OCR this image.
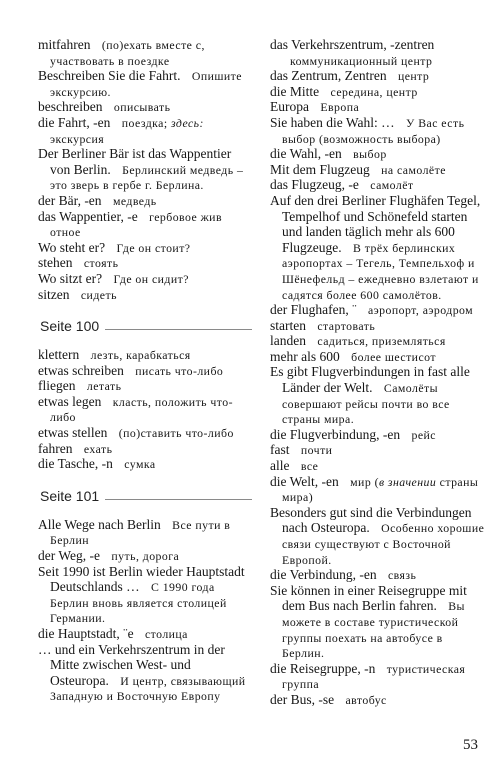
mitfahren (по)ехать вместе с, участвовать в поездке

Beschreiben Sie die Fahrt. Опишите экскурсию.

beschreiben описывать

die Fahrt, -en поездка; здесь: экскурсия

Der Berliner Bär ist das Wappentier von Berlin. Берлинский медведь – это зверь в гербе г. Берлина.

der Bär, -en медведь

das Wappentier, -e гербовое жив отное

Wo steht er? Где он стоит?

stehen стоять

Wo sitzt er? Где он сидит?

sitzen сидеть

Seite 100

klettern лезть, карабкаться

etwas schreiben писать что-либо

fliegen летать

etwas legen класть, положить что-либо

etwas stellen (по)ставить что-либо

fahren ехать

die Tasche, -n сумка

Seite 101

Alle Wege nach Berlin Все пути в Берлин

der Weg, -e путь, дорога

Seit 1990 ist Berlin wieder Hauptstadt Deutschlands … С 1990 года Берлин вновь является столицей Германии.

die Hauptstadt, ¨e столица

… und ein Verkehrszentrum in der Mitte zwischen West- und Osteuropa. И центр, связывающий Западную и Восточную Европу

das Verkehrszentrum, -zentren коммуникационный центр

das Zentrum, Zentren центр

die Mitte середина, центр

Europa Европа

Sie haben die Wahl: … У Вас есть выбор (возможность выбора)

die Wahl, -en выбор

Mit dem Flugzeug на самолёте

das Flugzeug, -e самолёт

Auf den drei Berliner Flughäfen Tegel, Tempelhof und Schönefeld starten und landen täglich mehr als 600 Flugzeuge. В трёх берлинских аэропортах – Тегель, Темпельхоф и Шёнефельд – ежедневно взлетают и садятся более 600 самолётов.

der Flughafen, ¨ аэропорт, аэродром

starten стартовать

landen садиться, приземляться

mehr als 600 более шестисот

Es gibt Flugverbindungen in fast alle Länder der Welt. Самолёты совершают рейсы почти во все страны мира.

die Flugverbindung, -en рейс

fast почти

alle все

die Welt, -en мир (в значении страны мира)

Besonders gut sind die Verbindungen nach Osteuropa. Особенно хорошие связи существуют с Восточной Европой.

die Verbindung, -en связь

Sie können in einer Reisegruppe mit dem Bus nach Berlin fahren. Вы можете в составе туристической группы поехать на автобусе в Берлин.

die Reisegruppe, -n туристическая группа

der Bus, -se автобус

53
